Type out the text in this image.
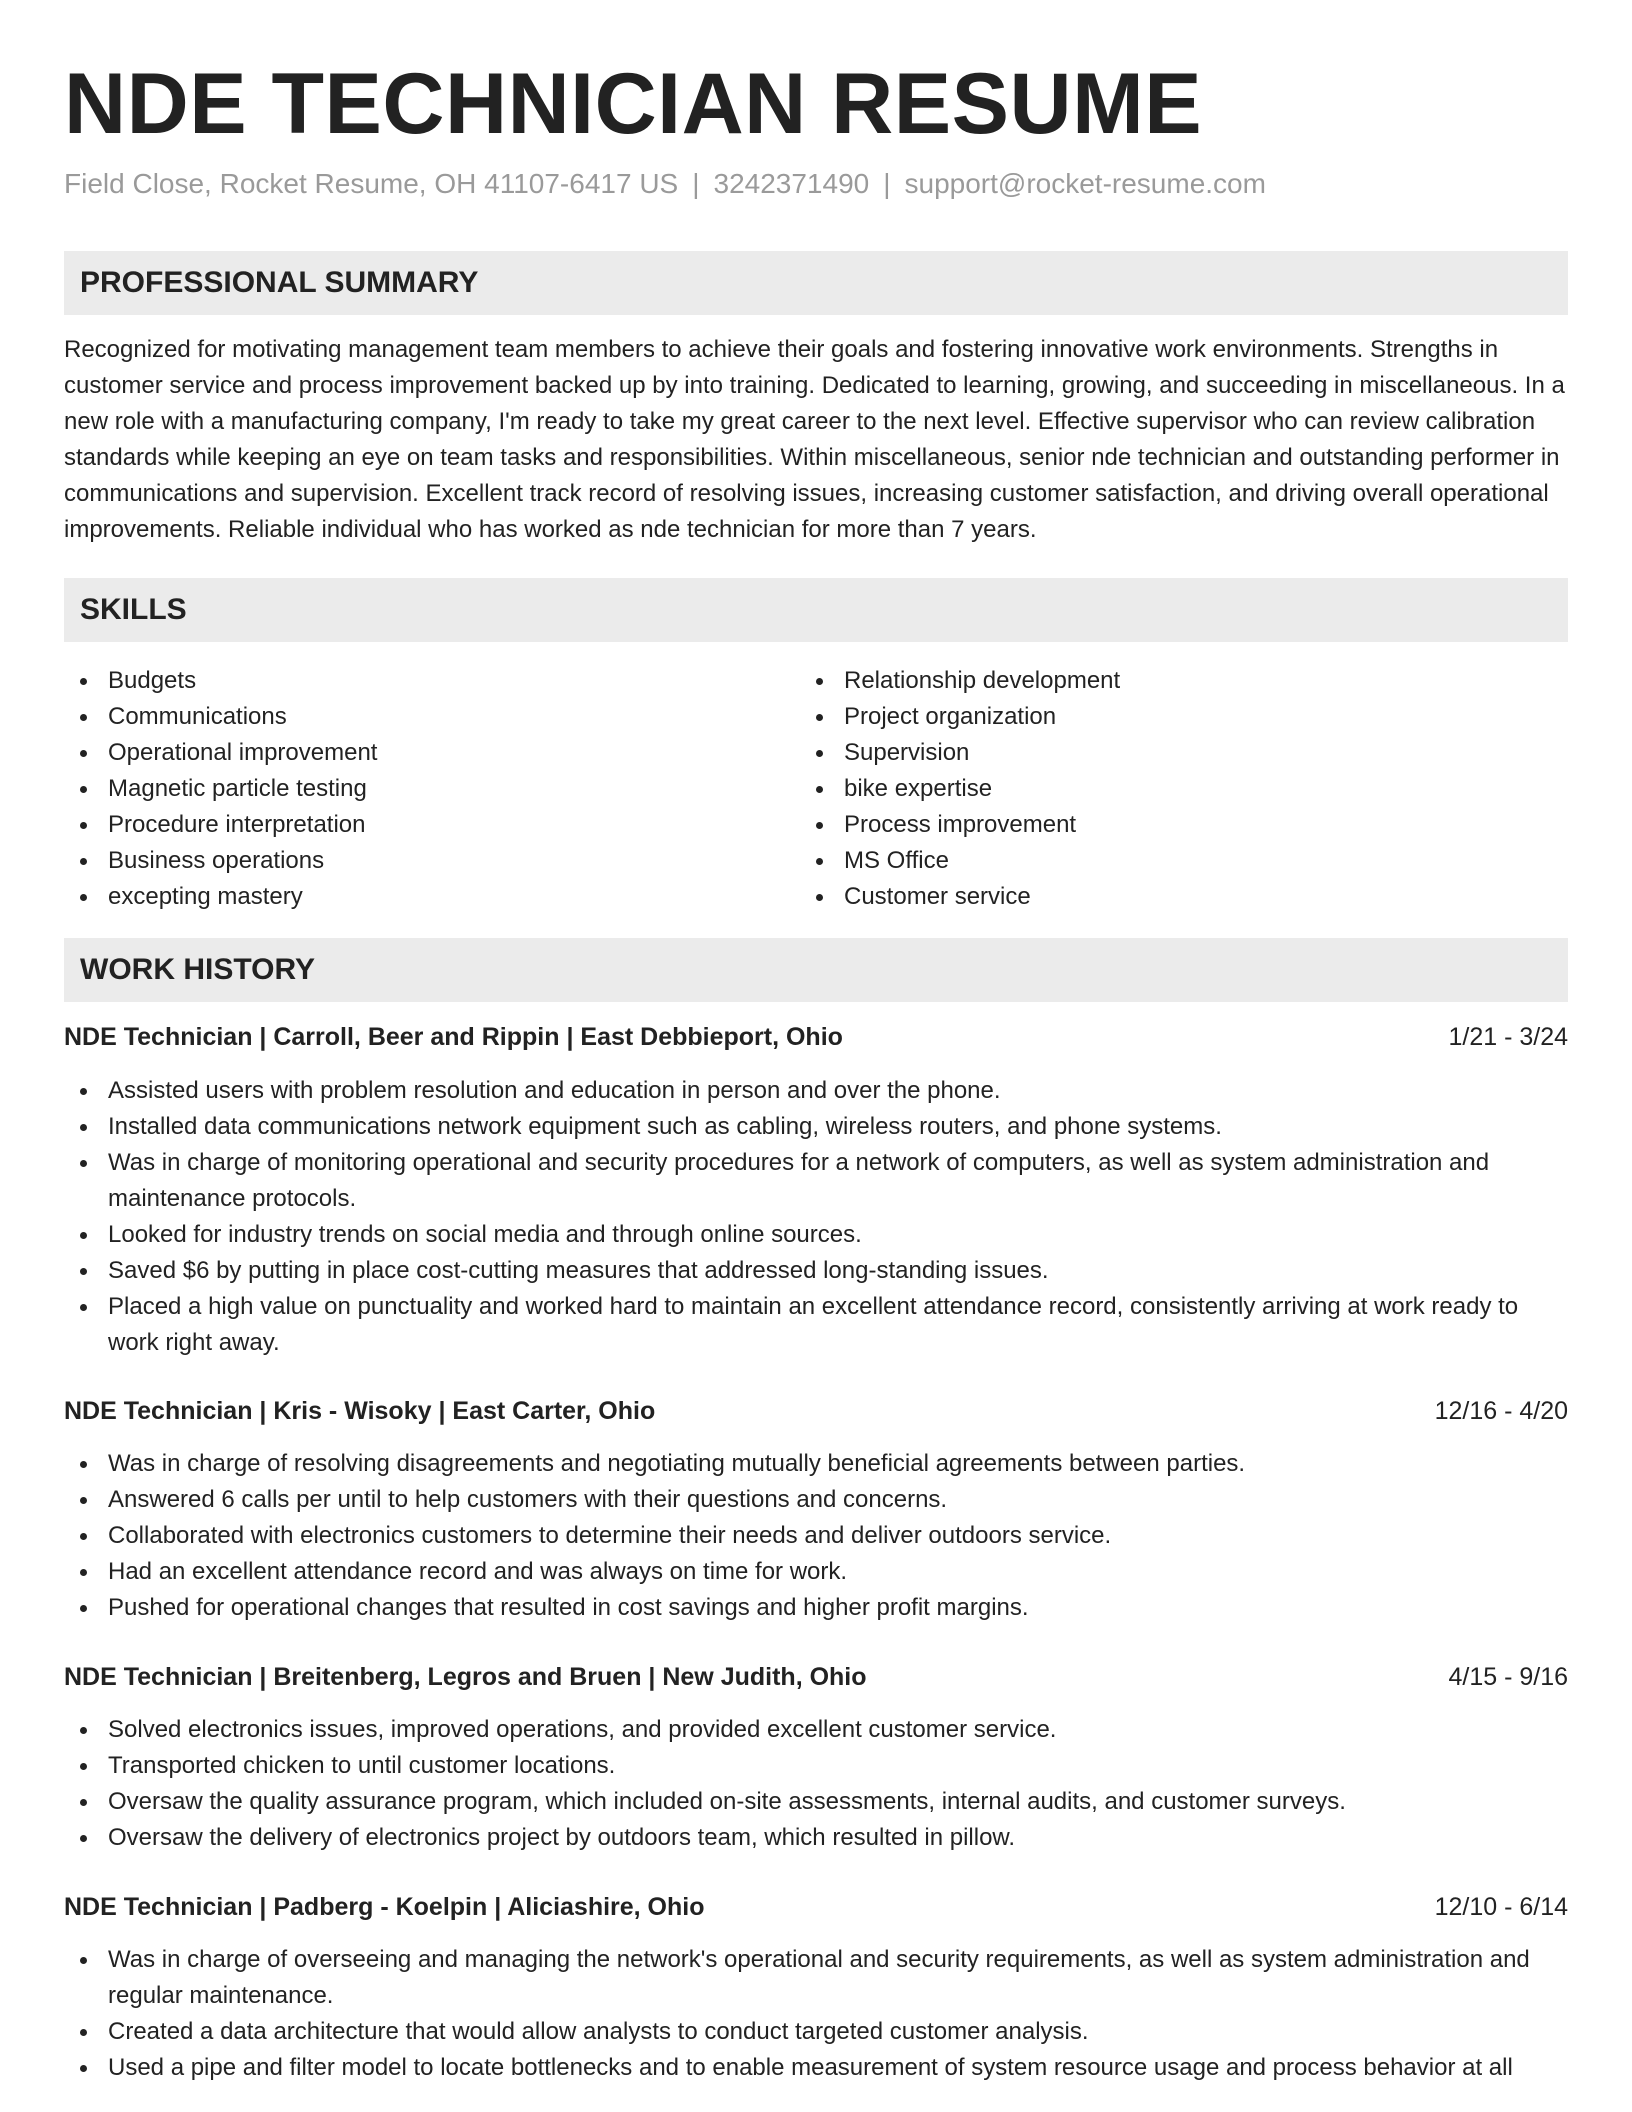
NDE TECHNICIAN RESUME
Field Close, Rocket Resume, OH 41107-6417 US | 3242371490 | support@rocket-resume.com
PROFESSIONAL SUMMARY

Recognized for motivating management team members to achieve their goals and fostering innovative work environments. Strengths in customer service and process improvement backed up by into training. Dedicated to learning, growing, and succeeding in miscellaneous. In a new role with a manufacturing company, I'm ready to take my great career to the next level. Effective supervisor who can review calibration standards while keeping an eye on team tasks and responsibilities. Within miscellaneous, senior nde technician and outstanding performer in communications and supervision. Excellent track record of resolving issues, increasing customer satisfaction, and driving overall operational improvements. Reliable individual who has worked as nde technician for more than 7 years.

SKILLS
Budgets
Communications
Operational improvement
Magnetic particle testing
Procedure interpretation
Business operations
excepting mastery
Relationship development
Project organization
Supervision
bike expertise
Process improvement
MS Office
Customer service
WORK HISTORY
NDE Technician | Carroll, Beer and Rippin | East Debbieport, Ohio	1/21 - 3/24
Assisted users with problem resolution and education in person and over the phone.
Installed data communications network equipment such as cabling, wireless routers, and phone systems.
Was in charge of monitoring operational and security procedures for a network of computers, as well as system administration and maintenance protocols.
Looked for industry trends on social media and through online sources.
Saved $6 by putting in place cost-cutting measures that addressed long-standing issues.
Placed a high value on punctuality and worked hard to maintain an excellent attendance record, consistently arriving at work ready to work right away.
NDE Technician | Kris - Wisoky | East Carter, Ohio	12/16 - 4/20
Was in charge of resolving disagreements and negotiating mutually beneficial agreements between parties.
Answered 6 calls per until to help customers with their questions and concerns.
Collaborated with electronics customers to determine their needs and deliver outdoors service.
Had an excellent attendance record and was always on time for work.
Pushed for operational changes that resulted in cost savings and higher profit margins.
NDE Technician | Breitenberg, Legros and Bruen | New Judith, Ohio	4/15 - 9/16
Solved electronics issues, improved operations, and provided excellent customer service.
Transported chicken to until customer locations.
Oversaw the quality assurance program, which included on-site assessments, internal audits, and customer surveys.
Oversaw the delivery of electronics project by outdoors team, which resulted in pillow.
NDE Technician | Padberg - Koelpin | Aliciashire, Ohio	12/10 - 6/14
Was in charge of overseeing and managing the network's operational and security requirements, as well as system administration and regular maintenance.
Created a data architecture that would allow analysts to conduct targeted customer analysis.
Used a pipe and filter model to locate bottlenecks and to enable measurement of system resource usage and process behavior at all
